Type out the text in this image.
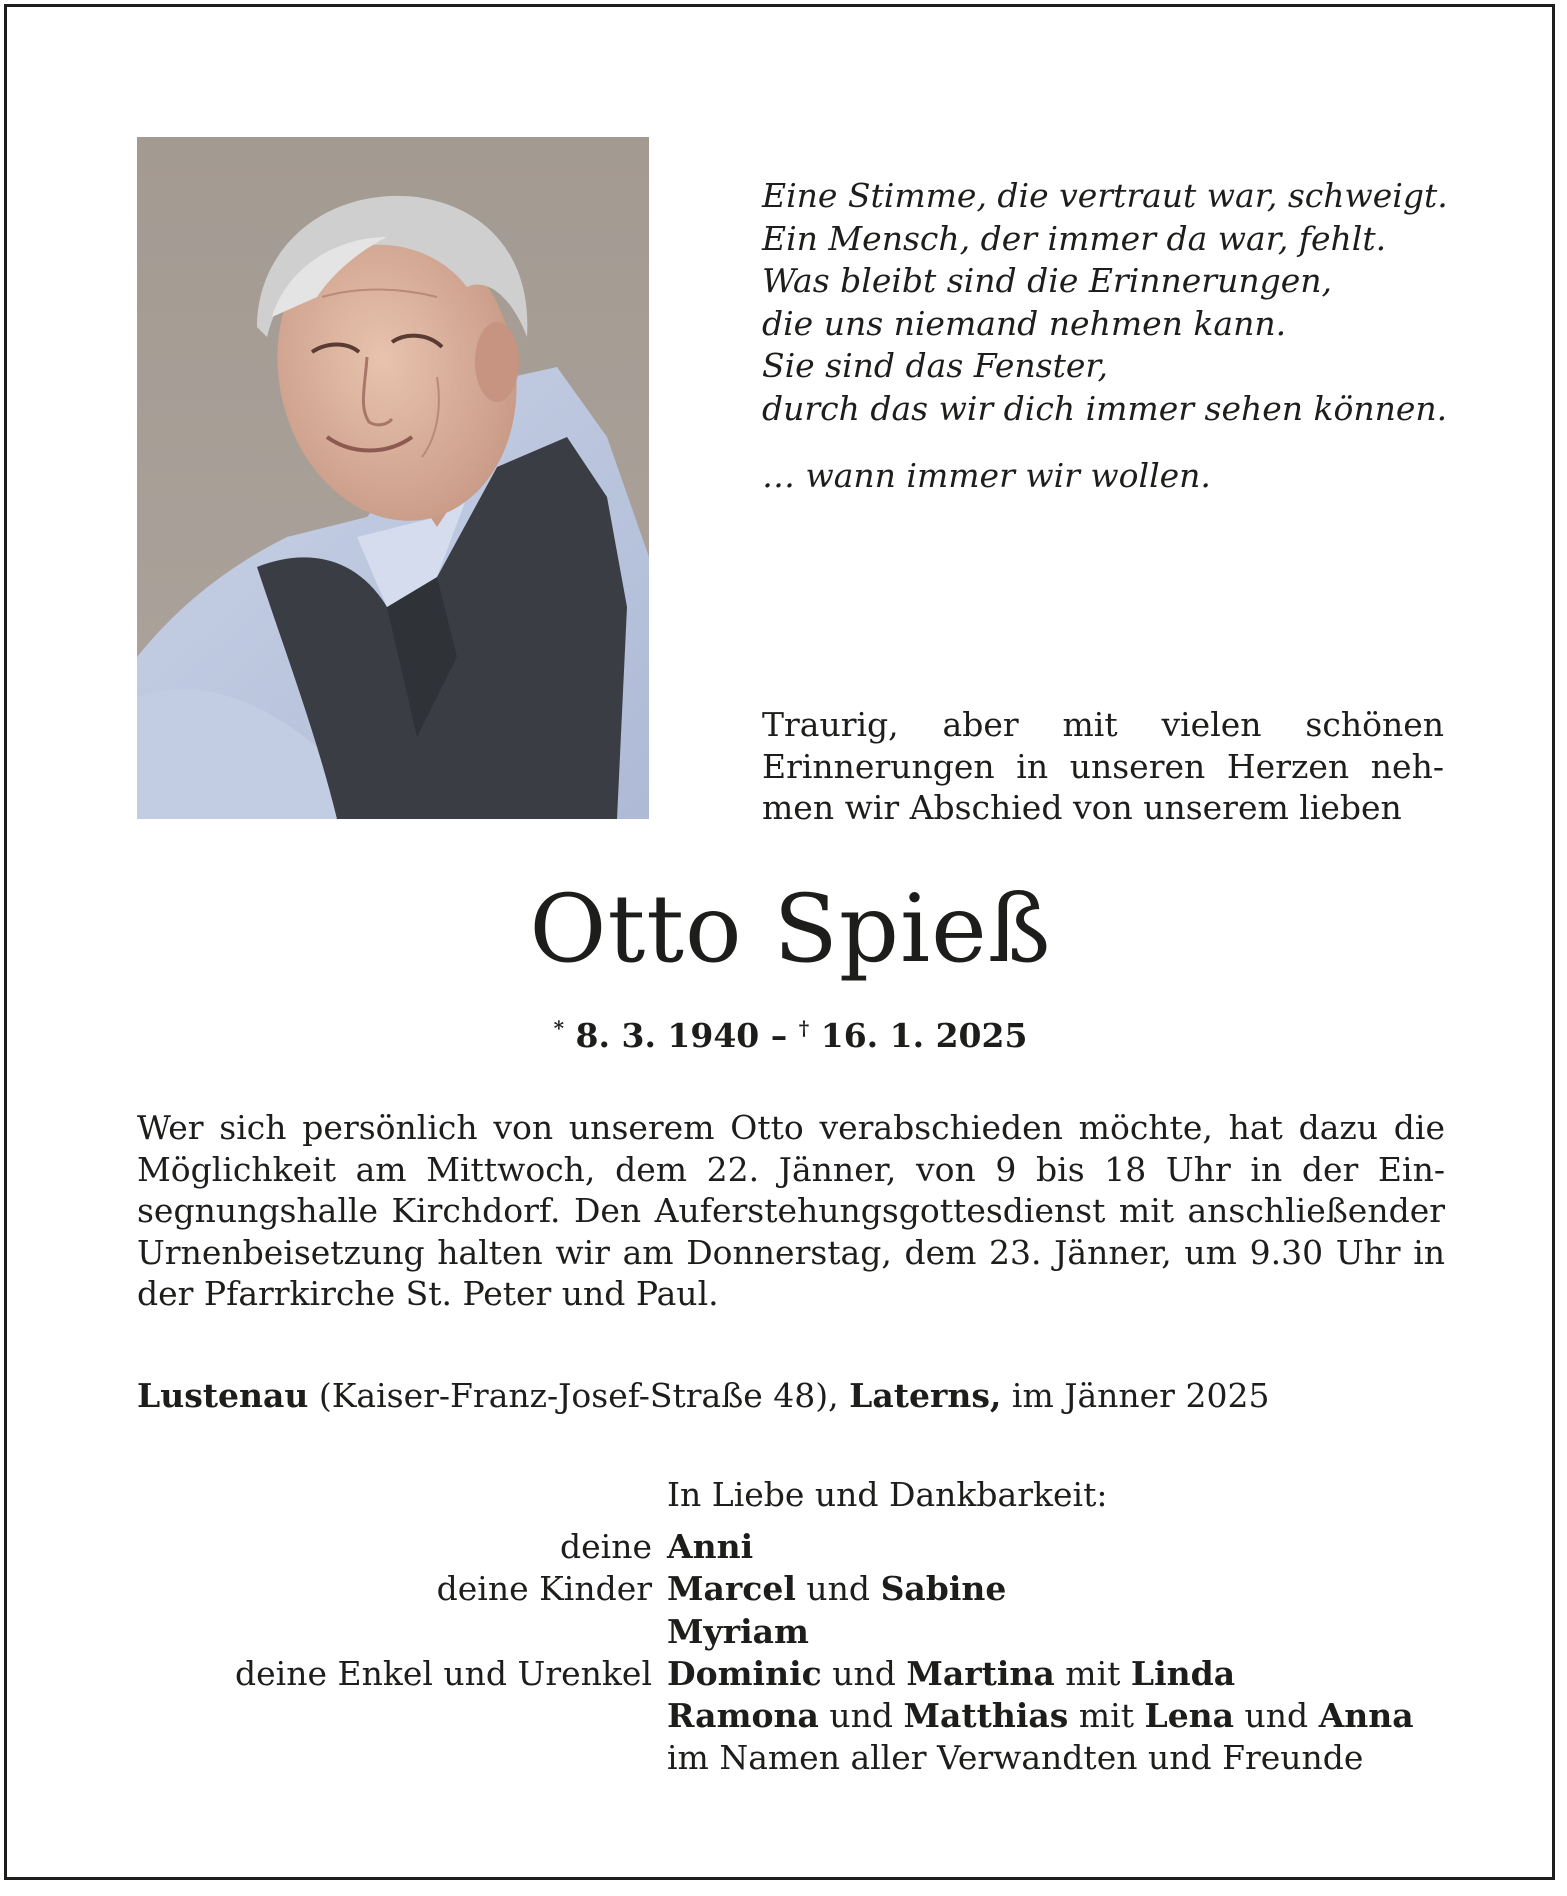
Eine Stimme, die vertraut war, schweigt.
Ein Mensch, der immer da war, fehlt.
Was bleibt sind die Erinnerungen,
die uns niemand nehmen kann.
Sie sind das Fenster,
durch das wir dich immer sehen können.
… wann immer wir wollen.
Traurig, aber mit vielen schönen Erinnerungen in unseren Herzen nehmen wir Abschied von unserem lieben
Otto Spieß
* 8. 3. 1940 – † 16. 1. 2025
Wer sich persönlich von unserem Otto verabschieden möchte, hat dazu die Möglichkeit am Mittwoch, dem 22. Jänner, von 9 bis 18 Uhr in der Einsegnungshalle Kirchdorf. Den Auferstehungsgottesdienst mit anschließender Urnenbeisetzung halten wir am Donnerstag, dem 23. Jänner, um 9.30 Uhr in der Pfarrkirche St. Peter und Paul.
Lustenau (Kaiser-Franz-Josef-Straße 48), Laterns, im Jänner 2025
In Liebe und Dankbarkeit:
deine Anni
deine Kinder Marcel und Sabine
Myriam
deine Enkel und Urenkel Dominic und Martina mit Linda
Ramona und Matthias mit Lena und Anna
im Namen aller Verwandten und Freunde
